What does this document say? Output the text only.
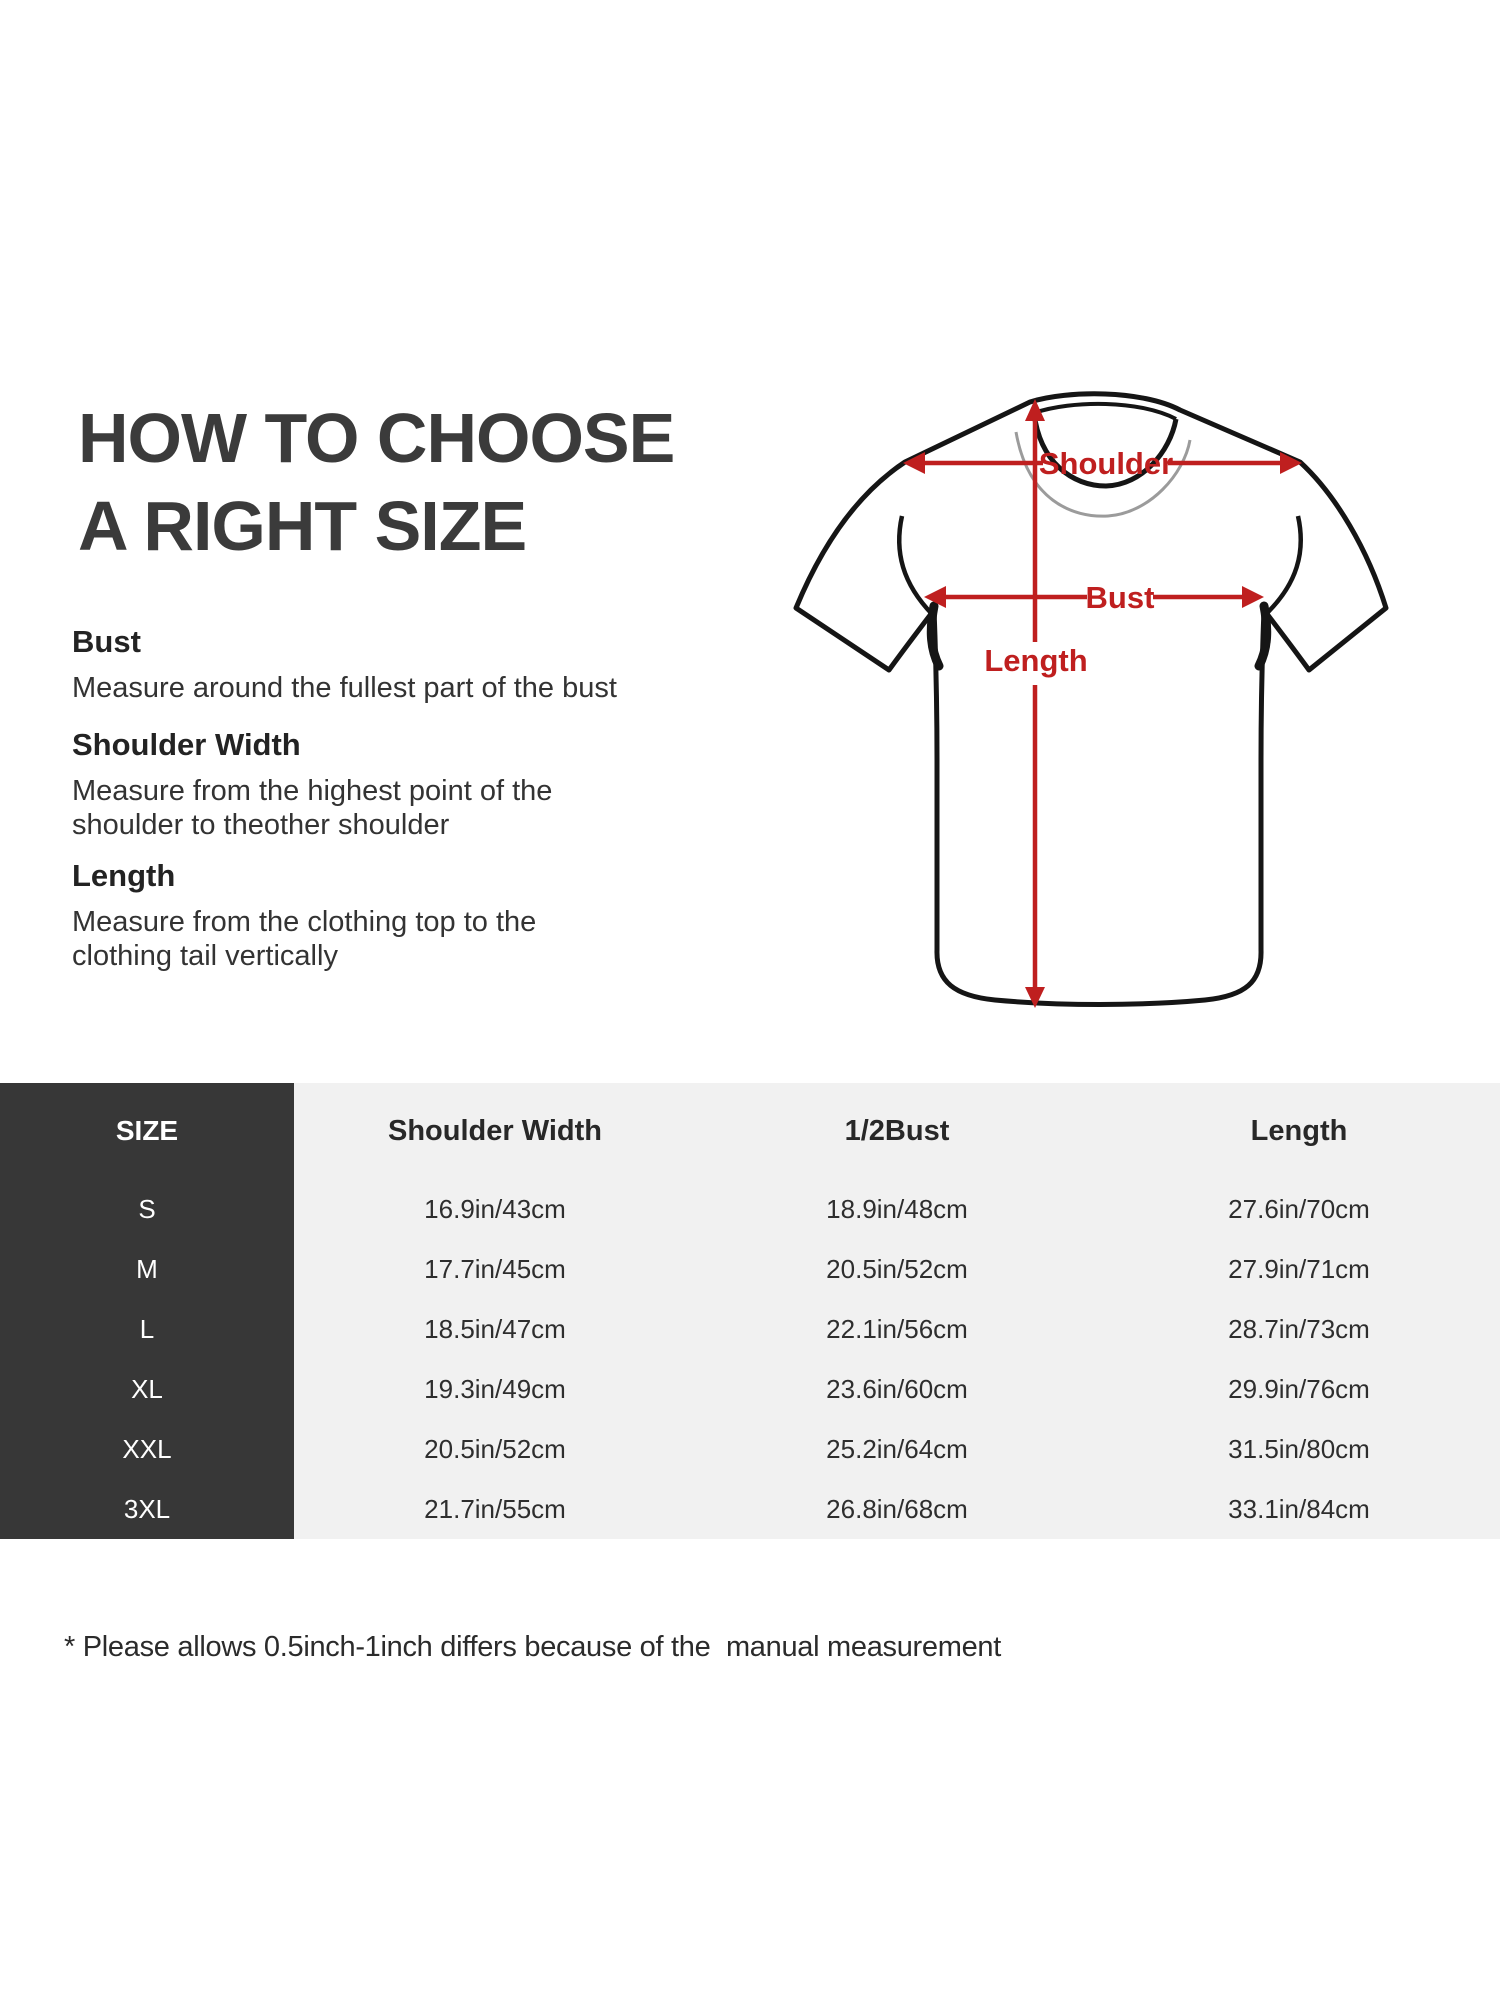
HOW TO CHOOSE
A RIGHT SIZE
Bust

Measure around the fullest part of the bust

Shoulder Width

Measure from the highest point of the shoulder to theother shoulder

Length

Measure from the clothing top to the clothing tail vertically

Shoulder
Length
Bust
SIZE	Shoulder Width	1/2Bust	Length
S	16.9in/43cm	18.9in/48cm	27.6in/70cm
M	17.7in/45cm	20.5in/52cm	27.9in/71cm
L	18.5in/47cm	22.1in/56cm	28.7in/73cm
XL	19.3in/49cm	23.6in/60cm	29.9in/76cm
XXL	20.5in/52cm	25.2in/64cm	31.5in/80cm
3XL	21.7in/55cm	26.8in/68cm	33.1in/84cm

* Please allows 0.5inch-1inch differs because of the  manual measurement
